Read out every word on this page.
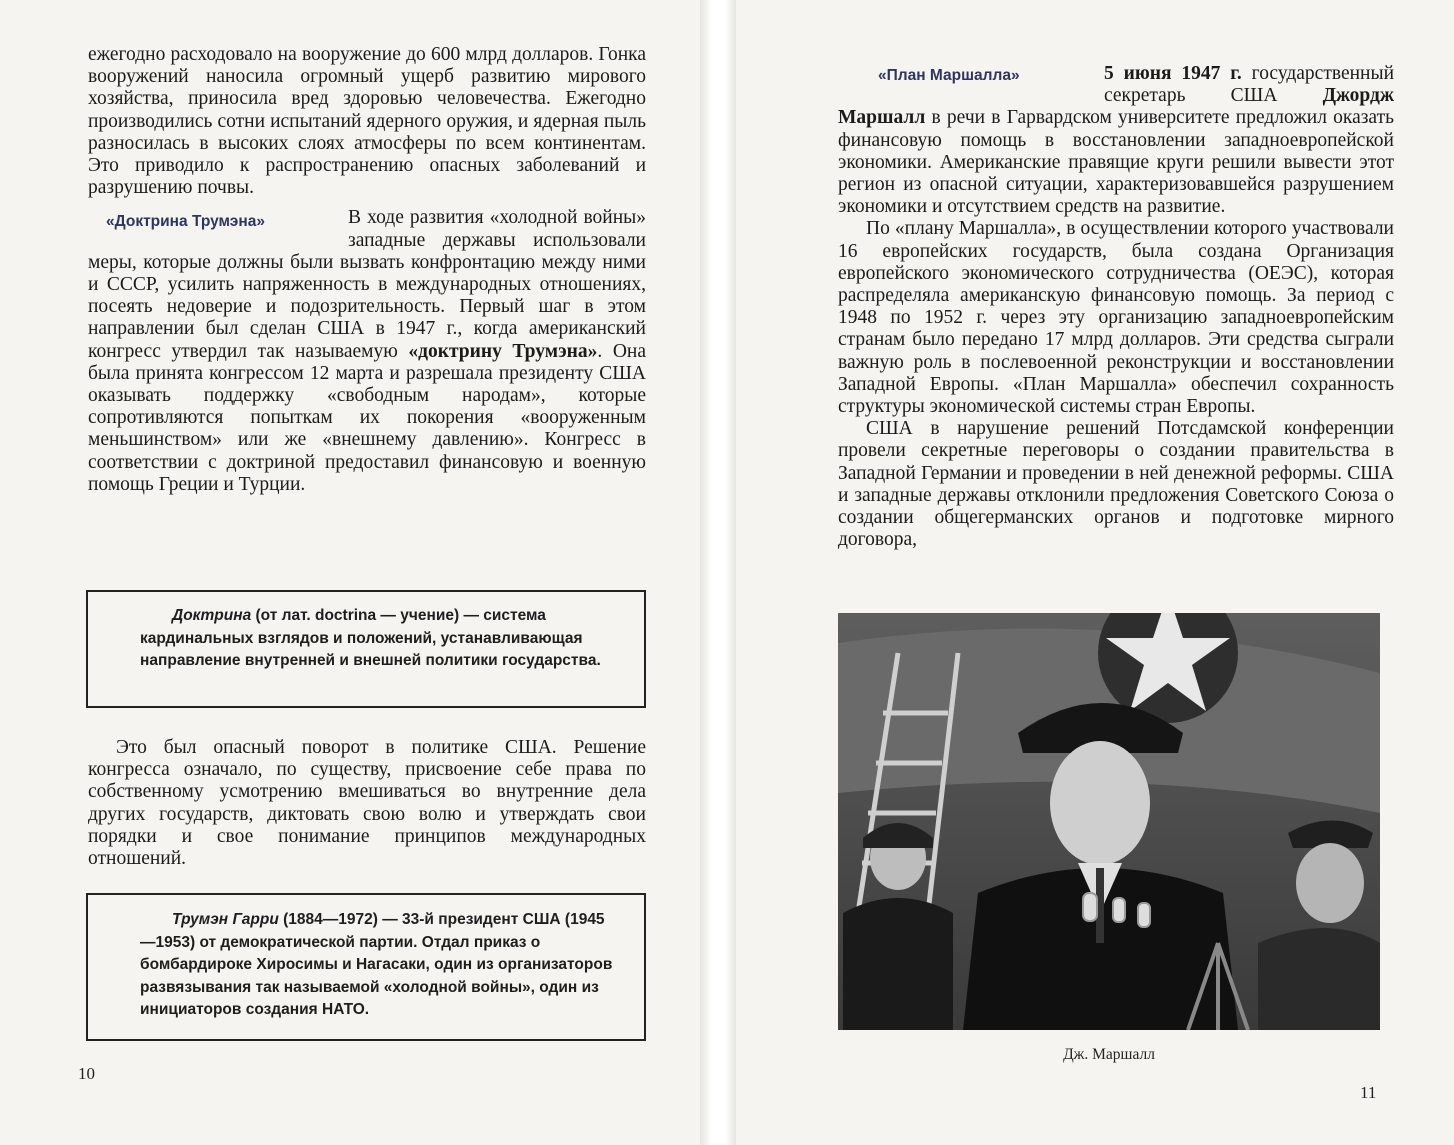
ежегодно расходовало на вооружение до 600 млрд долларов. Гонка вооружений наносила огромный ущерб развитию мирового хозяйства, приносила вред здоровью человечества. Ежегодно производились сотни испытаний ядерного оружия, и ядерная пыль разносилась в высоких слоях атмосферы по всем континентам. Это приводило к распространению опасных заболеваний и разрушению почвы.

«Доктрина Трумэна»	В ходе развития «холодной войны» западные державы использовали меры, которые должны были вызвать конфронтацию между ними и СССР, усилить напряженность в международных отношениях, посеять недоверие и подозрительность. Первый шаг в этом направлении был сделан США в 1947 г., когда американский конгресс утвердил так называемую «доктрину Трумэна». Она была принята конгрессом 12 марта и разрешала президенту США оказывать поддержку «свободным народам», которые сопротивляются попыткам их покорения «вооруженным меньшинством» или же «внешнему давлению». Конгресс в соответствии с доктриной предоставил финансовую и военную помощь Греции и Турции.

Доктрина (от лат. doctrina — учение) — система кардинальных взглядов и положений, устанавливающая направление внутренней и внешней политики государства.

Это был опасный поворот в политике США. Решение конгресса означало, по существу, присвоение себе права по собственному усмотрению вмешиваться во внутренние дела других государств, диктовать свою волю и утверждать свои порядки и свое понимание принципов международных отношений.

Трумэн Гарри (1884—1972) — 33-й президент США (1945—1953) от демократической партии. Отдал приказ о бомбардироке Хиросимы и Нагасаки, один из организаторов развязывания так называемой «холодной войны», один из инициаторов создания НАТО.
10

«План Маршалла»	5 июня 1947 г. государственный секретарь США Джордж Маршалл в речи в Гарвардском университете предложил оказать финансовую помощь в восстановлении западноевропейской экономики. Американские правящие круги решили вывести этот регион из опасной ситуации, характеризовавшейся разрушением экономики и отсутствием средств на развитие.

По «плану Маршалла», в осуществлении которого участвовали 16 европейских государств, была создана Организация европейского экономического сотрудничества (ОЕЭС), которая распределяла американскую финансовую помощь. За период с 1948 по 1952 г. через эту организацию западноевропейским странам было передано 17 млрд долларов. Эти средства сыграли важную роль в послевоенной реконструкции и восстановлении Западной Европы. «План Маршалла» обеспечил сохранность структуры экономической системы стран Европы.

США в нарушение решений Потсдамской конференции провели секретные переговоры о создании правительства в Западной Германии и проведении в ней денежной реформы. США и западные державы отклонили предложения Советского Союза о создании общегерманских органов и подготовке мирного договора,

Дж. Маршалл
11
